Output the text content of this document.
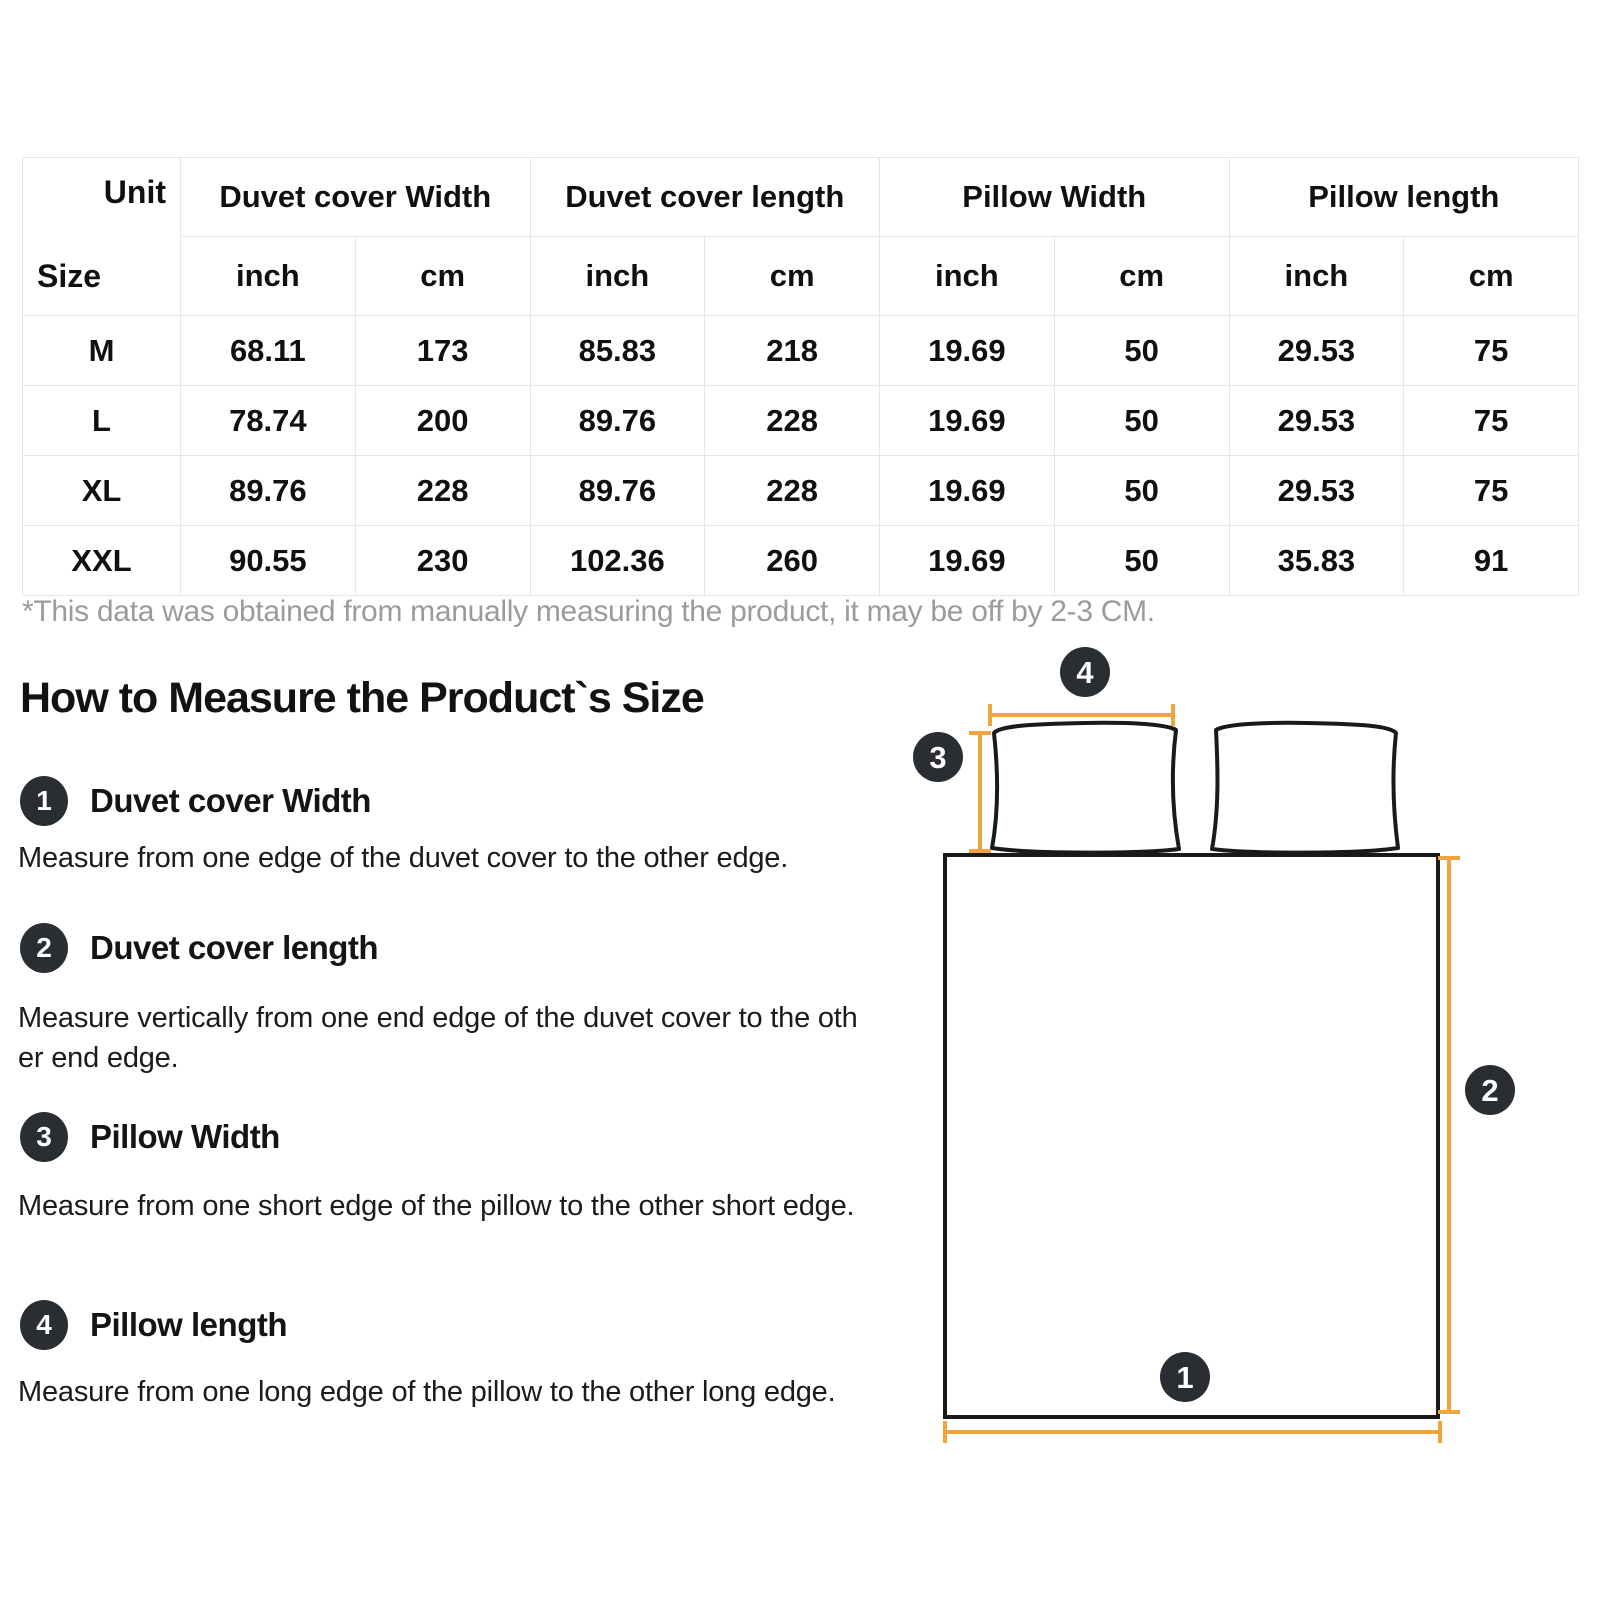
Unit
Size	Duvet cover Width		Duvet cover length		Pillow Width		Pillow length	
	inch	cm	inch	cm	inch	cm	inch	cm
M	68.11	173	85.83	218	19.69	50	29.53	75
L	78.74	200	89.76	228	19.69	50	29.53	75
XL	89.76	228	89.76	228	19.69	50	29.53	75
XXL	90.55	230	102.36	260	19.69	50	35.83	91

*This data was obtained from manually measuring the product, it may be off by 2-3 CM.

How to Measure the Product`s Size
1	Duvet cover Width

Measure from one edge of the duvet cover to the other edge.

2	Duvet cover length

Measure vertically from one end edge of the duvet cover to the other end edge.

3	Pillow Width

Measure from one short edge of the pillow to the other short edge.

4	Pillow length

Measure from one long edge of the pillow to the other long edge.

4
3
2
1
